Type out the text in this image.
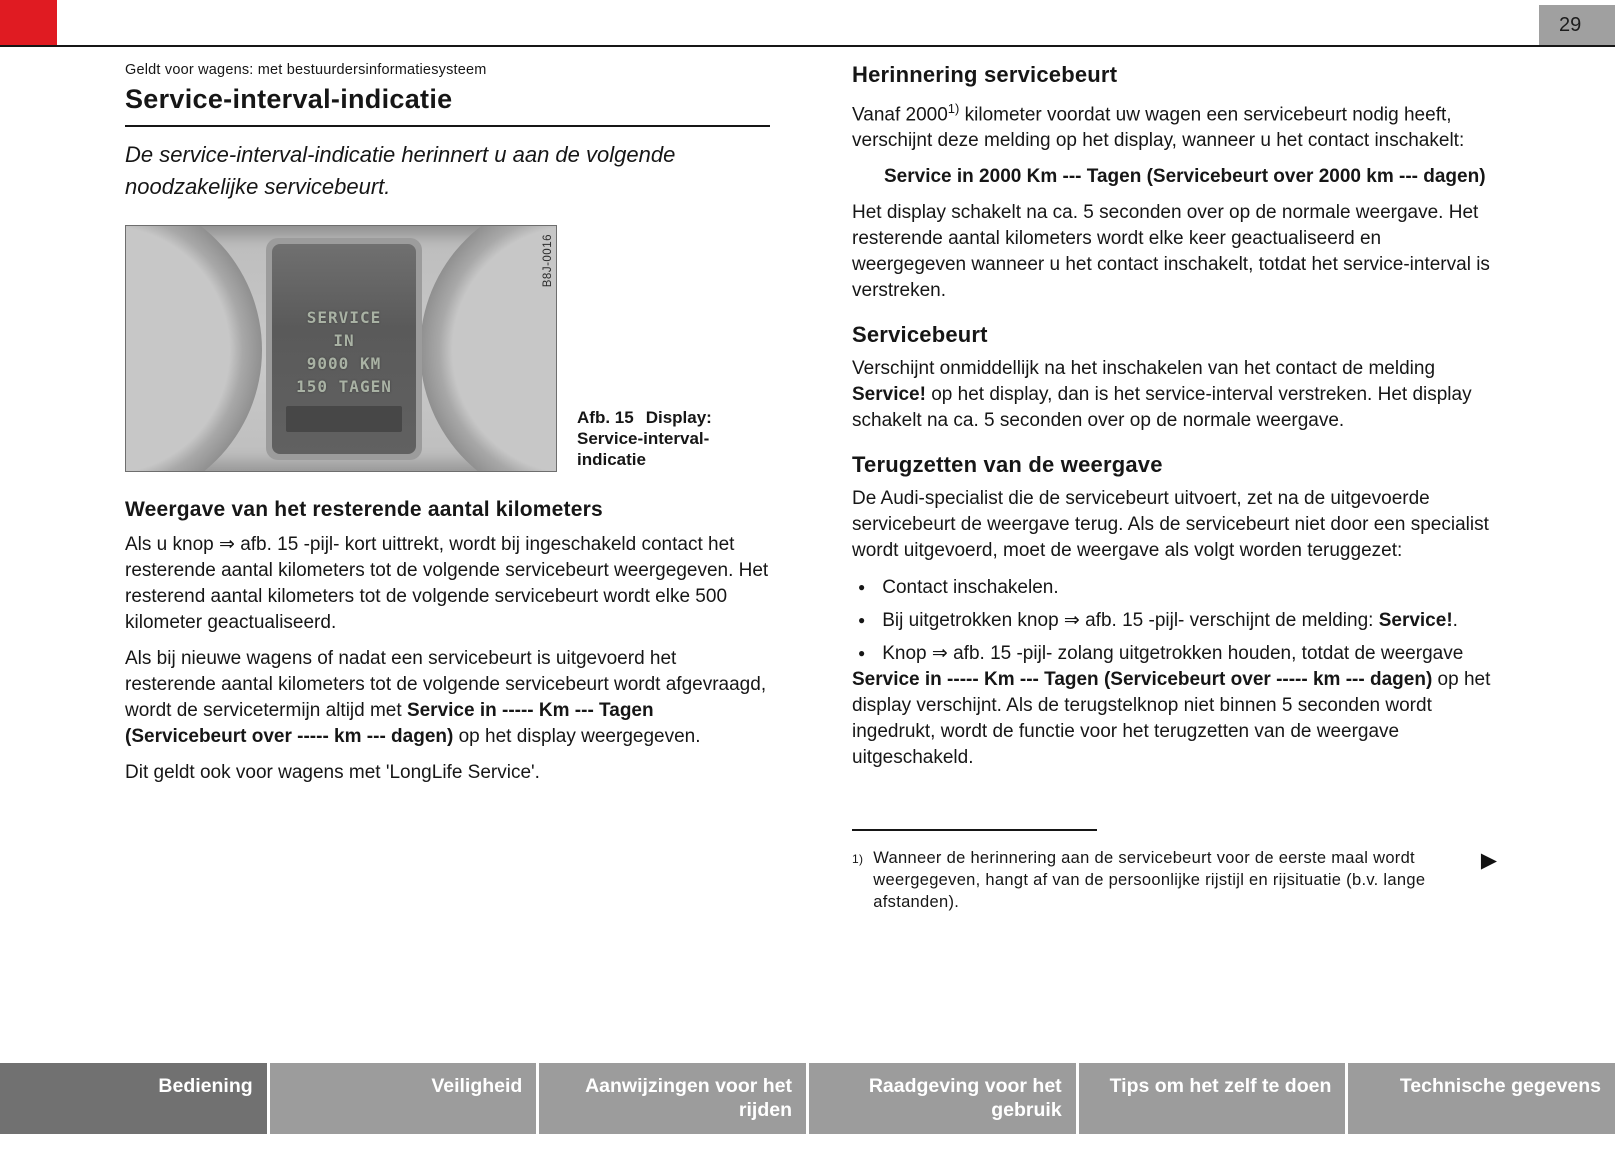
29
Geldt voor wagens: met bestuurdersinformatiesysteem
Service-interval-indicatie

De service-interval-indicatie herinnert u aan de volgende noodzakelijke servicebeurt.

SERVICE
IN
9000 KM
150 TAGEN
B8J-0016
Afb. 15 Display: Service-interval-indicatie
Weergave van het resterende aantal kilometers

Als u knop ⇒ afb. 15 -pijl- kort uittrekt, wordt bij ingeschakeld contact het resterende aantal kilometers tot de volgende servicebeurt weergegeven. Het resterend aantal kilometers tot de volgende servicebeurt wordt elke 500 kilometer geactualiseerd.

Als bij nieuwe wagens of nadat een servicebeurt is uitgevoerd het resterende aantal kilometers tot de volgende servicebeurt wordt afgevraagd, wordt de servicetermijn altijd met Service in ----- Km --- Tagen (Servicebeurt over ----- km --- dagen) op het display weergegeven.

Dit geldt ook voor wagens met 'LongLife Service'.

Herinnering servicebeurt

Vanaf 2000$^{1)}$ kilometer voordat uw wagen een servicebeurt nodig heeft, verschijnt deze melding op het display, wanneer u het contact inschakelt:

Service in 2000 Km --- Tagen (Servicebeurt over 2000 km --- dagen)

Het display schakelt na ca. 5 seconden over op de normale weergave. Het resterende aantal kilometers wordt elke keer geactualiseerd en weergegeven wanneer u het contact inschakelt, totdat het service-interval is verstreken.

Servicebeurt

Verschijnt onmiddellijk na het inschakelen van het contact de melding Service! op het display, dan is het service-interval verstreken. Het display schakelt na ca. 5 seconden over op de normale weergave.

Terugzetten van de weergave

De Audi-specialist die de servicebeurt uitvoert, zet na de uitgevoerde servicebeurt de weergave terug. Als de servicebeurt niet door een specialist wordt uitgevoerd, moet de weergave als volgt worden teruggezet:

● Contact inschakelen.

● Bij uitgetrokken knop ⇒ afb. 15 -pijl- verschijnt de melding: Service!.

● Knop ⇒ afb. 15 -pijl- zolang uitgetrokken houden, totdat de weergave Service in ----- Km --- Tagen (Servicebeurt over ----- km --- dagen) op het display verschijnt. Als de terugstelknop niet binnen 5 seconden wordt ingedrukt, wordt de functie voor het terugzetten van de weergave uitgeschakeld.

1) Wanneer de herinnering aan de servicebeurt voor de eerste maal wordt weergegeven, hangt af van de persoonlijke rijstijl en rijsituatie (b.v. lange afstanden).
▶
Bediening	Veiligheid	Aanwijzingen voor het rijden
Raadgeving voor het gebruik
Tips om het zelf te doen	Technische gegevens
